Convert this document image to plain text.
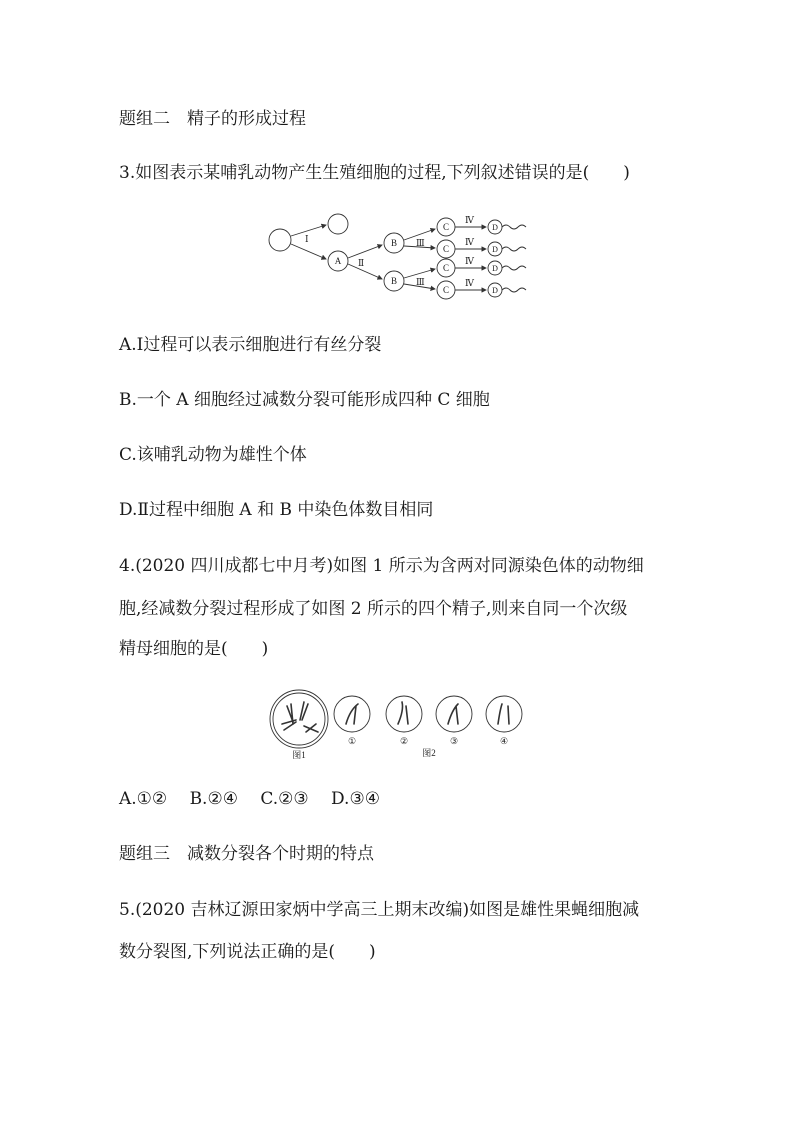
题组二　精子的形成过程
3.如图表示某哺乳动物产生生殖细胞的过程,下列叙述错误的是(　　)
Ⅰ
Ⅱ
Ⅲ
Ⅲ
Ⅳ
Ⅳ
Ⅳ
Ⅳ
A
B
B
C
C
C
C
D
D
D
D
A.Ⅰ过程可以表示细胞进行有丝分裂
B.一个 A 细胞经过减数分裂可能形成四种 C 细胞
C.该哺乳动物为雄性个体
D.Ⅱ过程中细胞 A 和 B 中染色体数目相同
4.(2020 四川成都七中月考)如图 1 所示为含两对同源染色体的动物细
胞,经减数分裂过程形成了如图 2 所示的四个精子,则来自同一个次级
精母细胞的是(　　)
图1
①	②
图2
③	④
A.①②　 B.②④　 C.②③　 D.③④
题组三　减数分裂各个时期的特点
5.(2020 吉林辽源田家炳中学高三上期末改编)如图是雄性果蝇细胞减
数分裂图,下列说法正确的是(　　)
